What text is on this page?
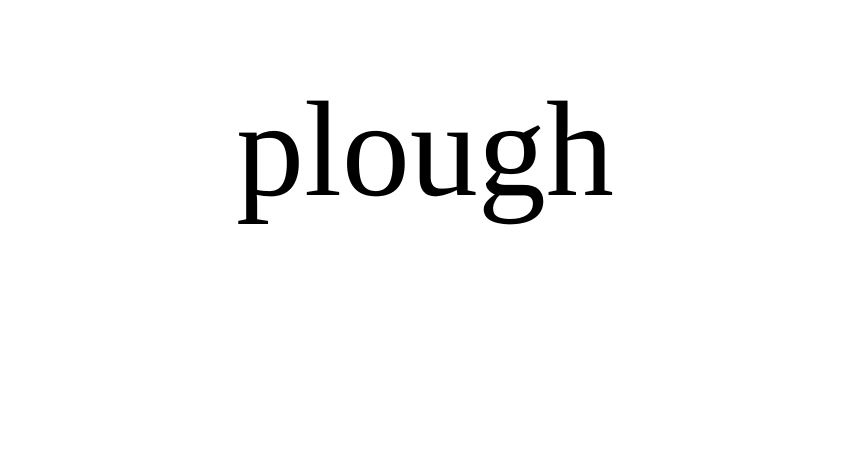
plough
